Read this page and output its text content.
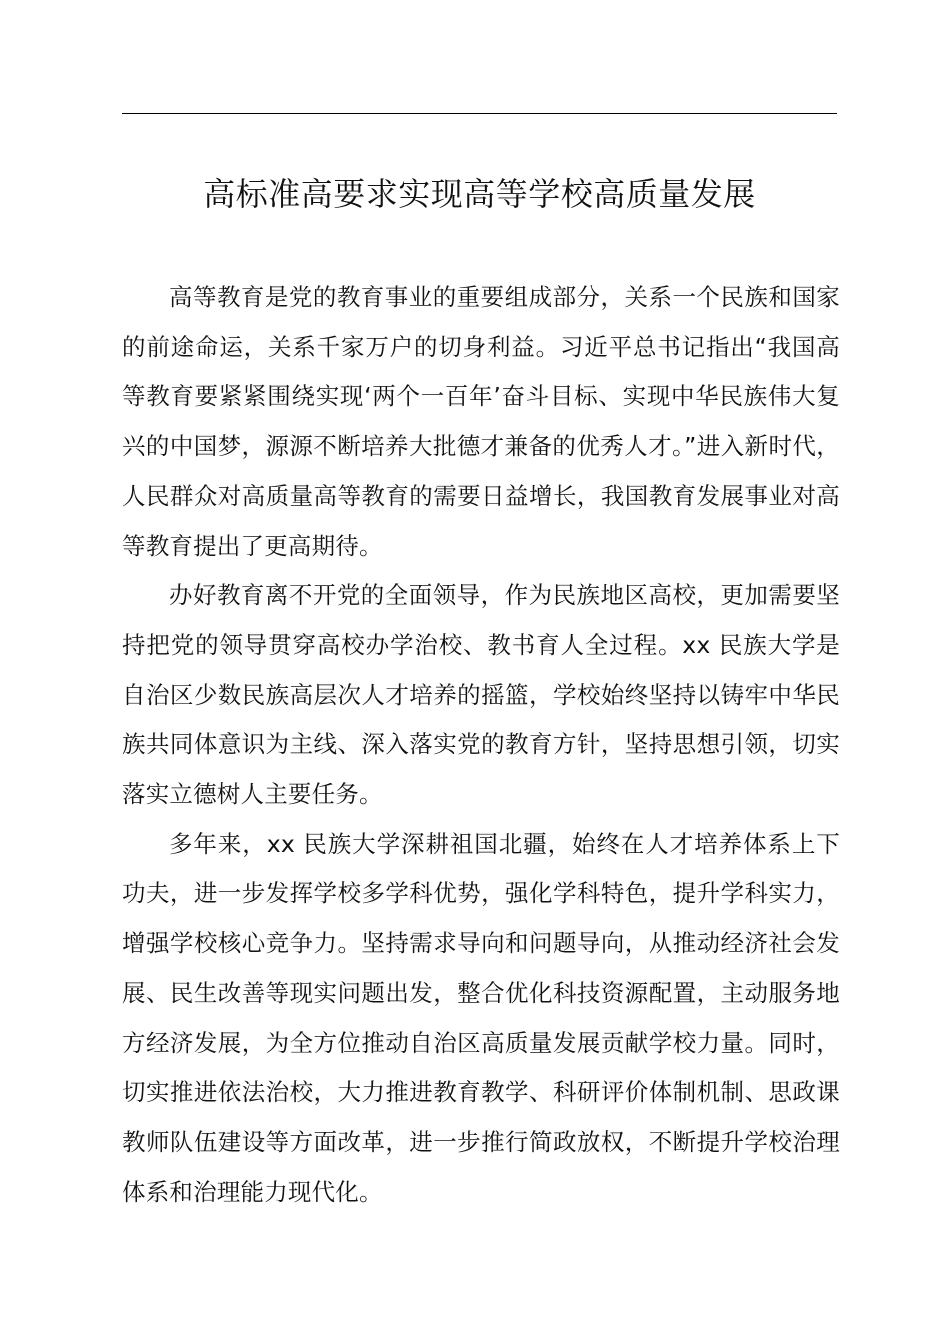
高标准高要求实现高等学校高质量发展

高等教育是党的教育事业的重要组成部分，关系一个民族和国家的前途命运，关系千家万户的切身利益。习近平总书记指出“我国高等教育要紧紧围绕实现‘两个一百年’奋斗目标、实现中华民族伟大复兴的中国梦，源源不断培养大批德才兼备的优秀人才。”进入新时代，人民群众对高质量高等教育的需要日益增长，我国教育发展事业对高等教育提出了更高期待。

办好教育离不开党的全面领导，作为民族地区高校，更加需要坚持把党的领导贯穿高校办学治校、教书育人全过程。xx 民族大学是自治区少数民族高层次人才培养的摇篮，学校始终坚持以铸牢中华民族共同体意识为主线、深入落实党的教育方针，坚持思想引领，切实落实立德树人主要任务。

多年来，xx 民族大学深耕祖国北疆，始终在人才培养体系上下功夫，进一步发挥学校多学科优势，强化学科特色，提升学科实力，增强学校核心竞争力。坚持需求导向和问题导向，从推动经济社会发展、民生改善等现实问题出发，整合优化科技资源配置，主动服务地方经济发展，为全方位推动自治区高质量发展贡献学校力量。同时，切实推进依法治校，大力推进教育教学、科研评价体制机制、思政课教师队伍建设等方面改革，进一步推行简政放权，不断提升学校治理体系和治理能力现代化。
